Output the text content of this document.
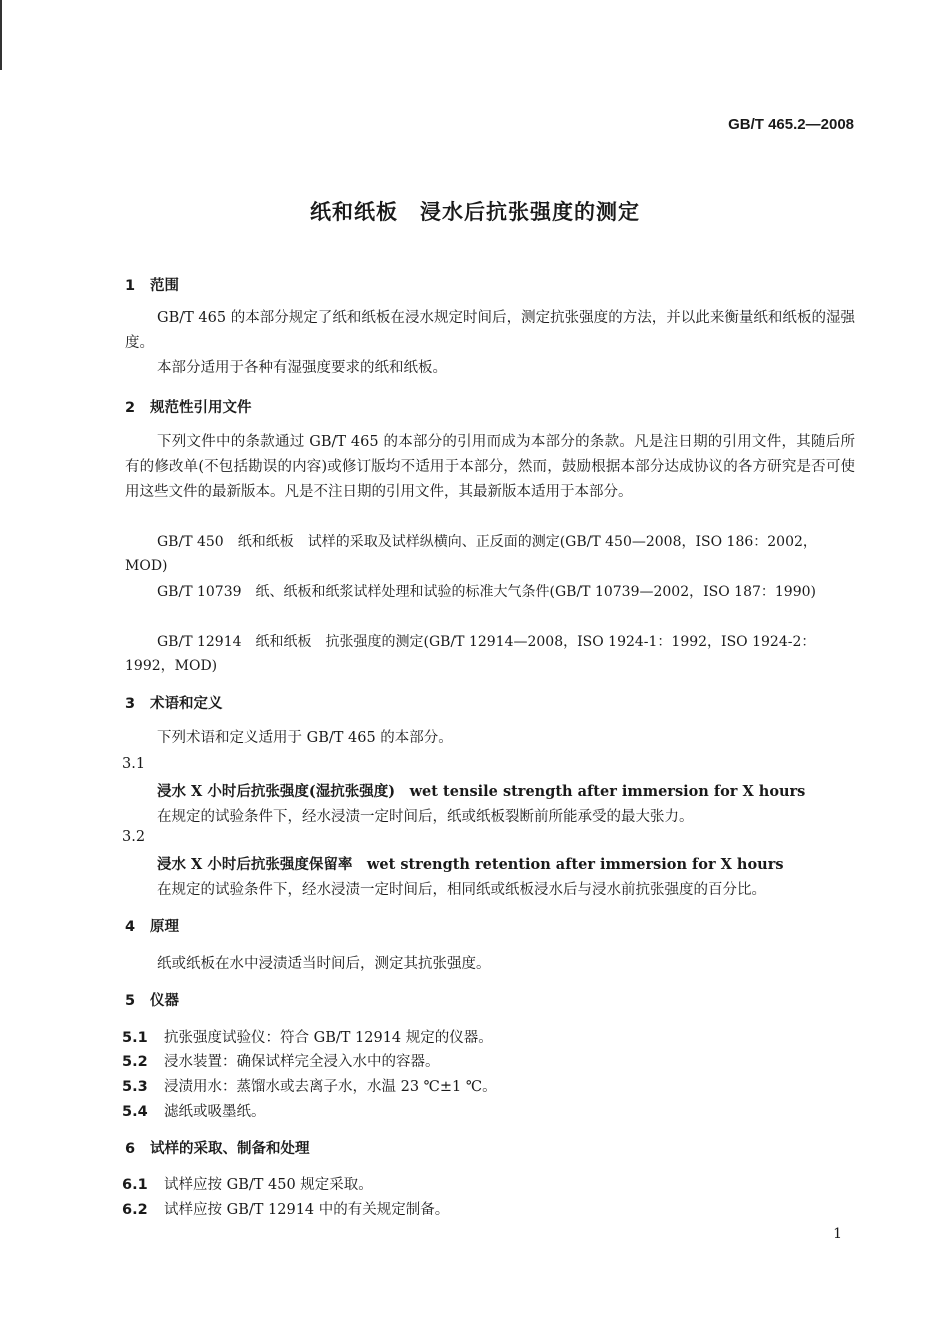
GB/T 465.2—2008
纸和纸板　浸水后抗张强度的测定
1 范围
GB/T 465 的本部分规定了纸和纸板在浸水规定时间后，测定抗张强度的方法，并以此来衡量纸和纸板的湿强度。
本部分适用于各种有湿强度要求的纸和纸板。
2 规范性引用文件
下列文件中的条款通过 GB/T 465 的本部分的引用而成为本部分的条款。凡是注日期的引用文件，其随后所有的修改单(不包括勘误的内容)或修订版均不适用于本部分，然而，鼓励根据本部分达成协议的各方研究是否可使用这些文件的最新版本。凡是不注日期的引用文件，其最新版本适用于本部分。
GB/T 450　纸和纸板　试样的采取及试样纵横向、正反面的测定(GB/T 450—2008，ISO 186：2002，MOD)
GB/T 10739　纸、纸板和纸浆试样处理和试验的标准大气条件(GB/T 10739—2002，ISO 187：1990)
GB/T 12914　纸和纸板　抗张强度的测定(GB/T 12914—2008，ISO 1924-1：1992，ISO 1924-2：1992，MOD)
3 术语和定义
下列术语和定义适用于 GB/T 465 的本部分。
3.1
浸水 X 小时后抗张强度(湿抗张强度)　 wet tensile strength after immersion for X hours
在规定的试验条件下，经水浸渍一定时间后，纸或纸板裂断前所能承受的最大张力。
3.2
浸水 X 小时后抗张强度保留率　 wet strength retention after immersion for X hours
在规定的试验条件下，经水浸渍一定时间后，相同纸或纸板浸水后与浸水前抗张强度的百分比。
4 原理
纸或纸板在水中浸渍适当时间后，测定其抗张强度。
5 仪器
5.1 抗张强度试验仪：符合 GB/T 12914 规定的仪器。
5.2 浸水装置：确保试样完全浸入水中的容器。
5.3 浸渍用水：蒸馏水或去离子水，水温 23 ℃±1 ℃。
5.4 滤纸或吸墨纸。
6 试样的采取、制备和处理
6.1 试样应按 GB/T 450 规定采取。
6.2 试样应按 GB/T 12914 中的有关规定制备。
1
